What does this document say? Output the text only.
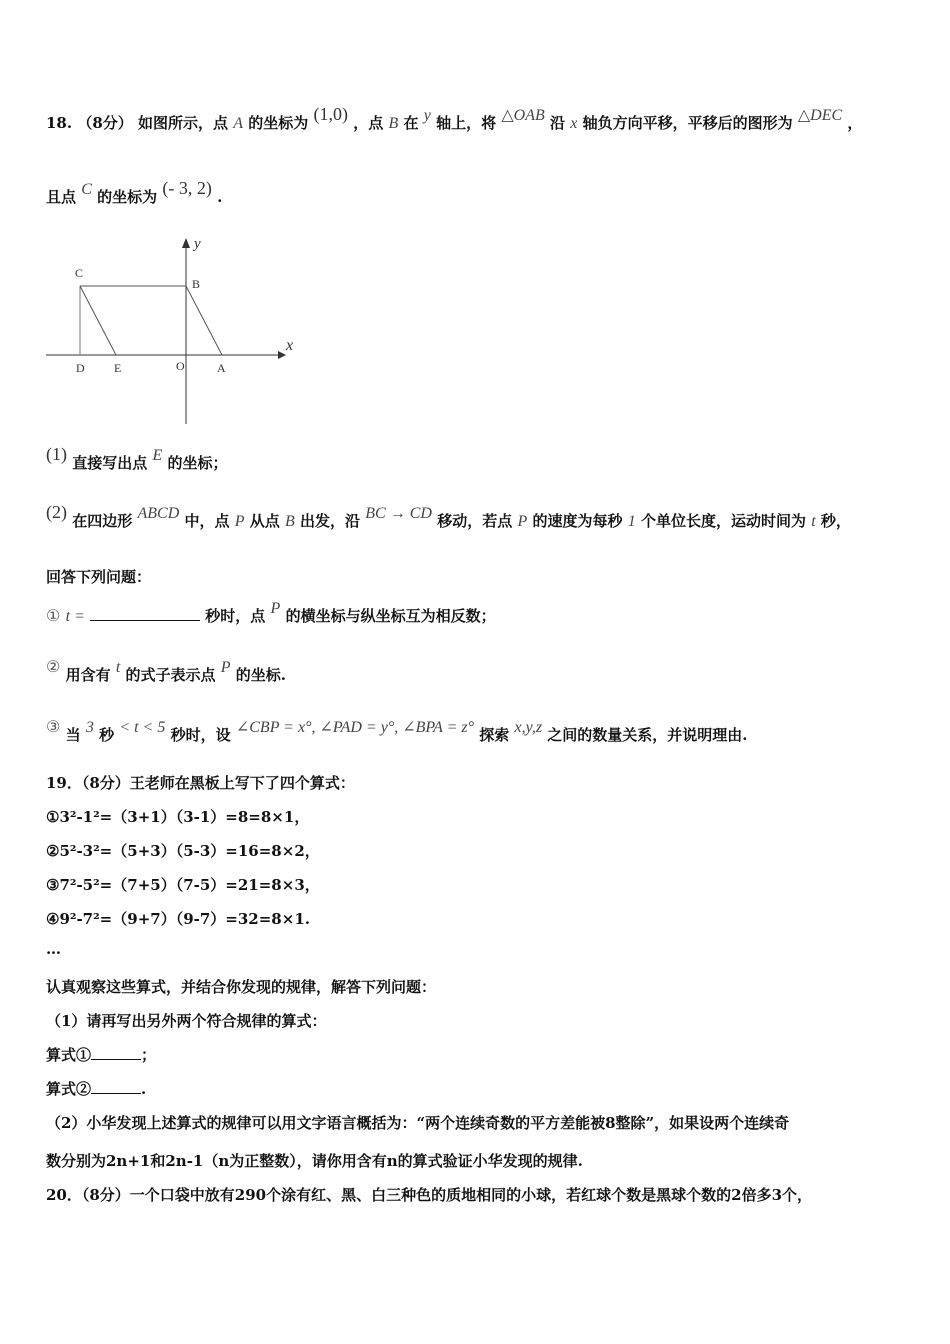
18. （8分） 如图所示，点 A 的坐标为 (1,0) ，点 B 在 y 轴上，将 △OAB 沿 x 轴负方向平移，平移后的图形为 △DEC ，
且点 C 的坐标为 (- 3, 2) .
C
B
D E	O	A
x
y
(1) 直接写出点 E 的坐标；
(2) 在四边形 ABCD 中，点 P 从点 B 出发，沿 BC → CD 移动，若点 P 的速度为每秒 1 个单位长度，运动时间为 t 秒，
回答下列问题：
① t =	秒时，点 P 的横坐标与纵坐标互为相反数；
② 用含有 t 的式子表示点 P 的坐标.
③ 当 3 秒 < t < 5 秒时，设 ∠CBP = x°, ∠PAD = y°, ∠BPA = z° 探索 x,y,z 之间的数量关系，并说明理由.
19．（8分）王老师在黑板上写下了四个算式：
①3²-1²=（3+1）（3-1）=8=8×1，
②5²-3²=（5+3）（5-3）=16=8×2，
③7²-5²=（7+5）（7-5）=21=8×3，
④9²-7²=（9+7）（9-7）=32=8×1.
…
认真观察这些算式，并结合你发现的规律，解答下列问题：
（1）请再写出另外两个符合规律的算式：
算式①	；
算式②	.
（2）小华发现上述算式的规律可以用文字语言概括为：“两个连续奇数的平方差能被8整除”，如果设两个连续奇
数分别为2n+1和2n-1（n为正整数），请你用含有n的算式验证小华发现的规律.
20．（8分）一个口袋中放有290个涂有红、黑、白三种色的质地相同的小球，若红球个数是黑球个数的2倍多3个，
